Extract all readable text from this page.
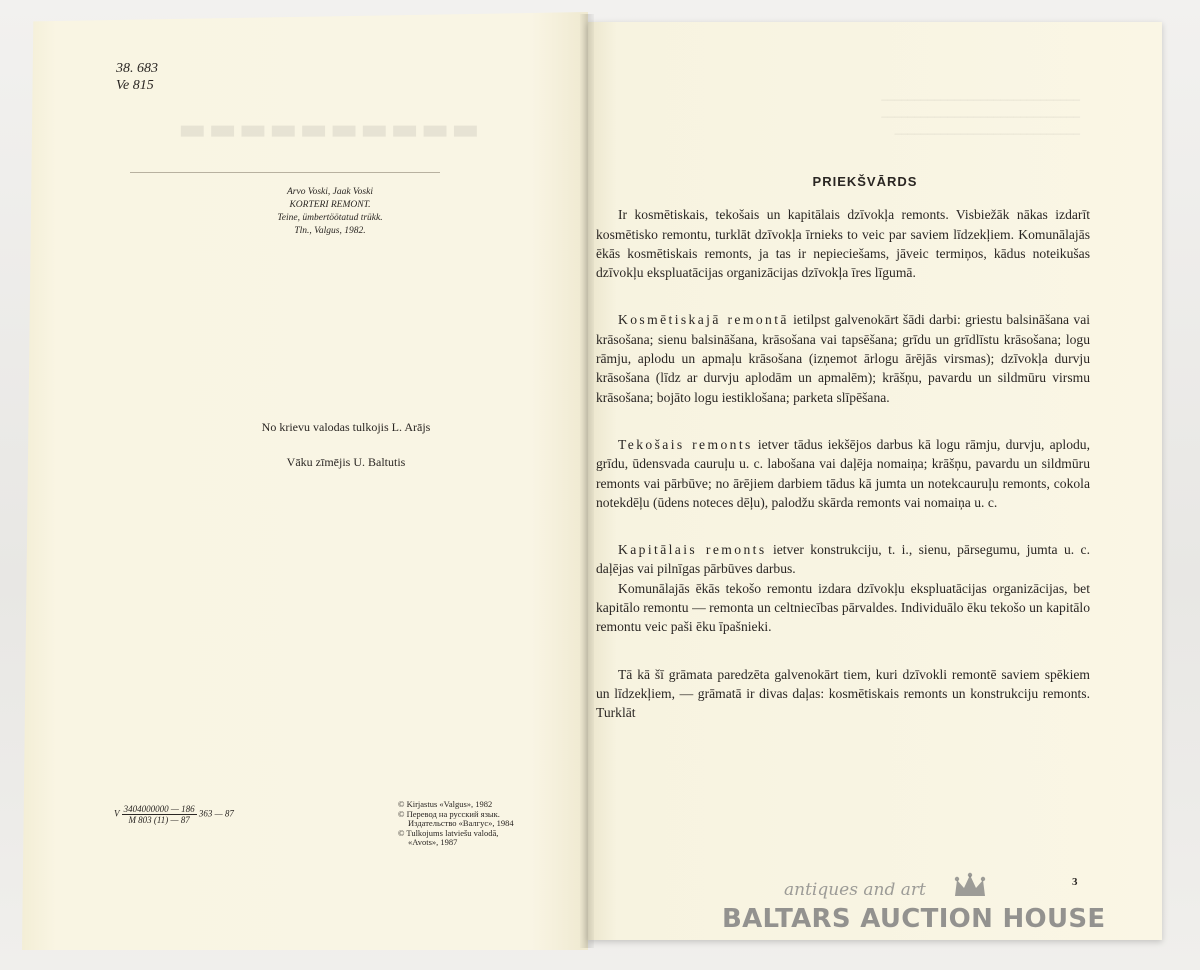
▬▬▬▬▬▬▬▬▬▬
38. 683
Ve 815
Arvo Voski, Jaak Voski
KORTERI REMONT.
Teine, ümbertöötatud trükk.
Tln., Valgus, 1982.
No krievu valodas tulkojis L. Arājs
Vāku zīmējis U. Baltutis
V $\frac{3404000000 — 186}{M 803 (11) — 87} 363$ — 87
© Kirjastus «Valgus», 1982
© Перевод на русский язык.
Издательство «Валгус», 1984
© Tulkojums latviešu valodā,
«Avots», 1987
──────────────────────────────
──────────────────────────────
────────────────────────────
PRIEKŠVĀRDS

Ir kosmētiskais, tekošais un kapitālais dzīvokļa remonts. Visbiežāk nākas izdarīt kosmētisko remontu, turklāt dzīvokļa īrnieks to veic par saviem līdzekļiem. Komunālajās ēkās kosmētiskais remonts, ja tas ir nepieciešams, jāveic termiņos, kādus noteikušas dzīvokļu ekspluatācijas organizācijas dzīvokļa īres līgumā.

Kosmētiskajā remontā ietilpst galvenokārt šādi darbi: griestu balsināšana vai krāsošana; sienu balsināšana, krāsošana vai tapsēšana; grīdu un grīdlīstu krāsošana; logu rāmju, aplodu un apmaļu krāsošana (izņemot ārlogu ārējās virsmas); dzīvokļa durvju krāsošana (līdz ar durvju aplodām un apmalēm); krāšņu, pavardu un sildmūru virsmu krāsošana; bojāto logu iestiklošana; parketa slīpēšana.

Tekošais remonts ietver tādus iekšējos darbus kā logu rāmju, durvju, aplodu, grīdu, ūdensvada cauruļu u. c. labošana vai daļēja nomaiņa; krāšņu, pavardu un sildmūru remonts vai pārbūve; no ārējiem darbiem tādus kā jumta un notekcauruļu remonts, cokola notekdēļu (ūdens noteces dēļu), palodžu skārda remonts vai nomaiņa u. c.

Kapitālais remonts ietver konstrukciju, t. i., sienu, pārsegumu, jumta u. c. daļējas vai pilnīgas pārbūves darbus.

Komunālajās ēkās tekošo remontu izdara dzīvokļu ekspluatācijas organizācijas, bet kapitālo remontu — remonta un celtniecības pārvaldes. Individuālo ēku tekošo un kapitālo remontu veic paši ēku īpašnieki.

Tā kā šī grāmata paredzēta galvenokārt tiem, kuri dzīvokli remontē saviem spēkiem un līdzekļiem, — grāmatā ir divas daļas: kosmētiskais remonts un konstrukciju remonts. Turklāt

3
antiques and art
BALTARS AUCTION HOUSE
